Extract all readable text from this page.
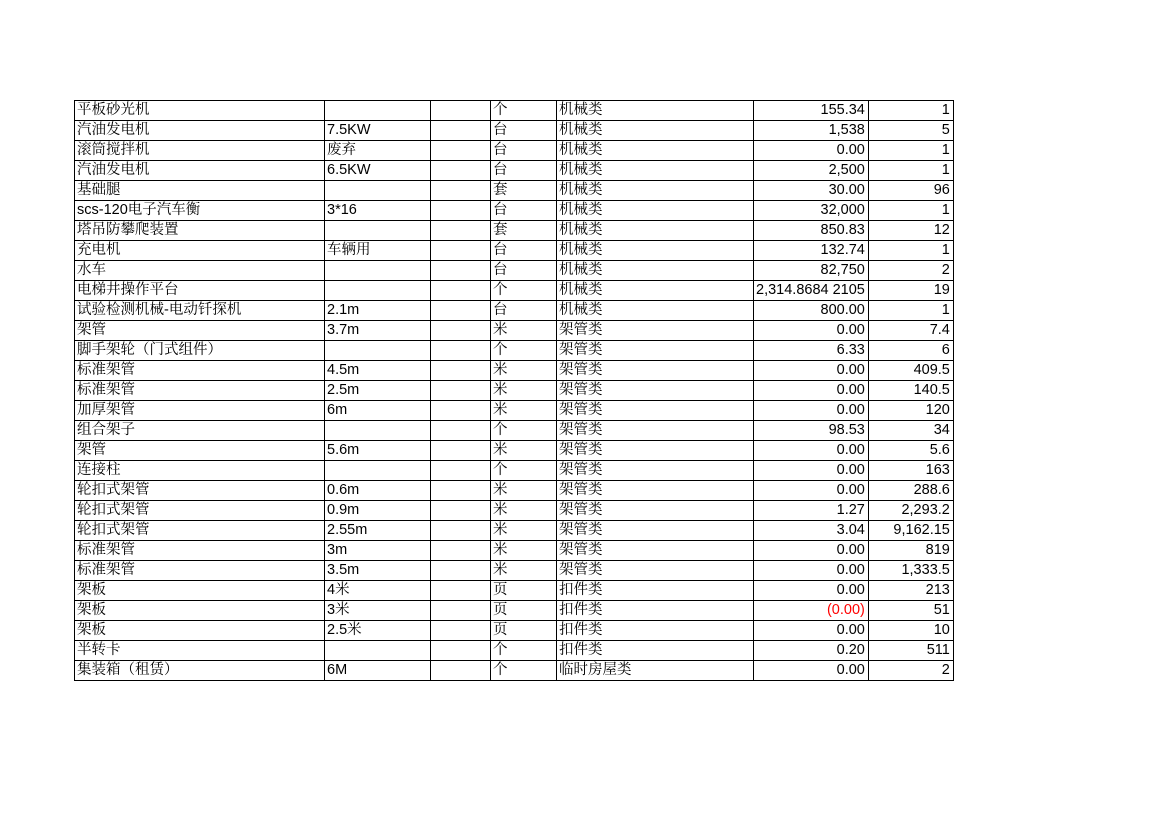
平板砂光机			个	机械类	155.34	1
汽油发电机	7.5KW		台	机械类	1,538	5
滚筒搅拌机	废弃		台	机械类	0.00	1
汽油发电机	6.5KW		台	机械类	2,500	1
基础腿			套	机械类	30.00	96
scs-120电子汽车衡	3*16		台	机械类	32,000	1
塔吊防攀爬装置			套	机械类	850.83	12
充电机	车辆用		台	机械类	132.74	1
水车			台	机械类	82,750	2
电梯井操作平台			个	机械类	2,314.8684 2105	19
试验检测机械-电动钎探机	2.1m		台	机械类	800.00	1
架管	3.7m		米	架管类	0.00	7.4
脚手架轮（门式组件）			个	架管类	6.33	6
标准架管	4.5m		米	架管类	0.00	409.5
标准架管	2.5m		米	架管类	0.00	140.5
加厚架管	6m		米	架管类	0.00	120
组合架子			个	架管类	98.53	34
架管	5.6m		米	架管类	0.00	5.6
连接柱			个	架管类	0.00	163
轮扣式架管	0.6m		米	架管类	0.00	288.6
轮扣式架管	0.9m		米	架管类	1.27	2,293.2
轮扣式架管	2.55m		米	架管类	3.04	9,162.15
标准架管	3m		米	架管类	0.00	819
标准架管	3.5m		米	架管类	0.00	1,333.5
架板	4米		页	扣件类	0.00	213
架板	3米		页	扣件类	(0.00)	51
架板	2.5米		页	扣件类	0.00	10
半转卡			个	扣件类	0.20	511
集装箱（租赁）	6M		个	临时房屋类	0.00	2
